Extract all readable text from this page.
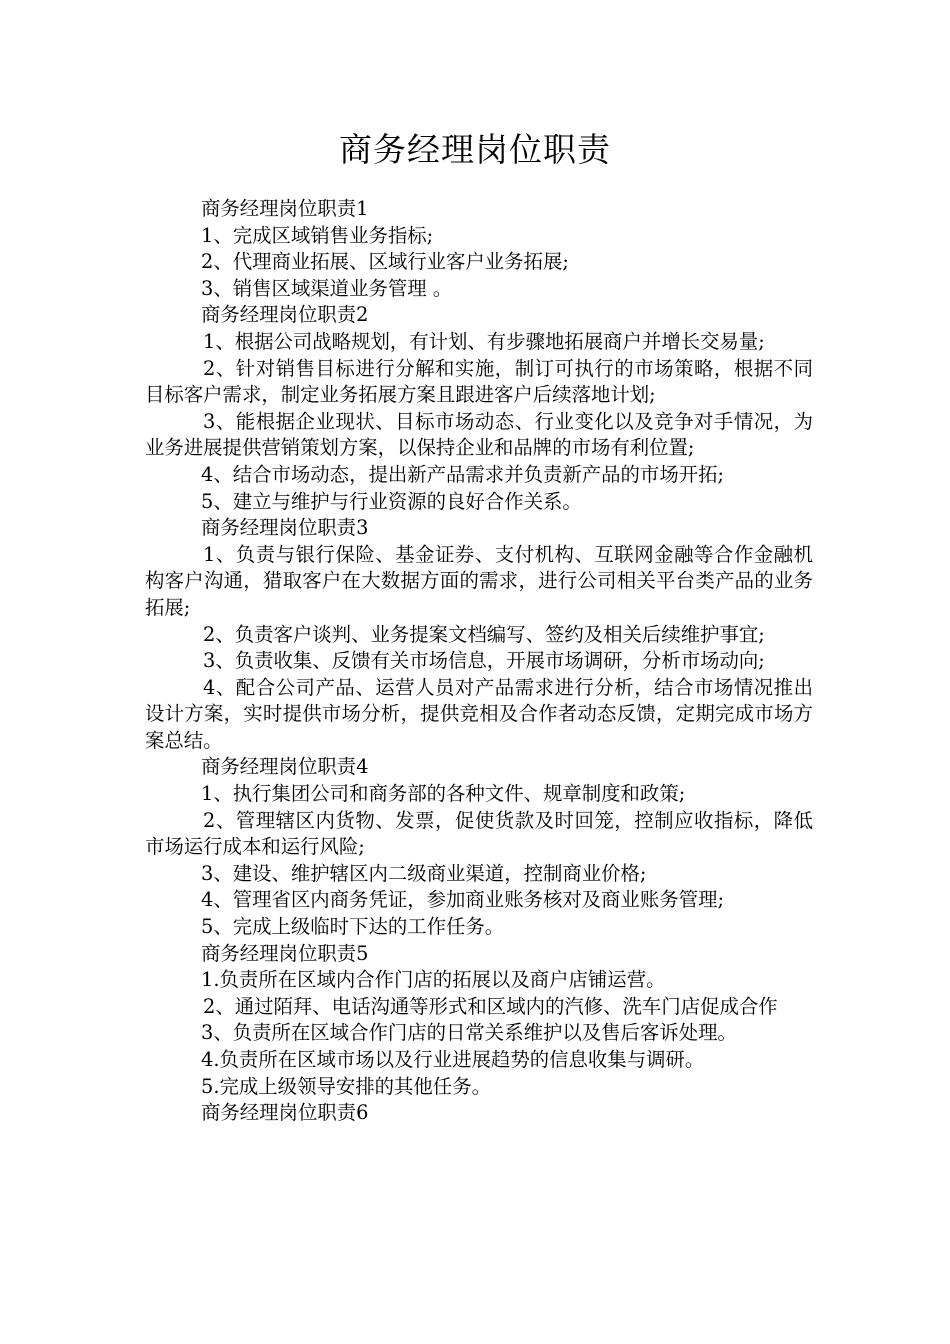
商务经理岗位职责

商务经理岗位职责1

1、完成区域销售业务指标;

2、代理商业拓展、区域行业客户业务拓展;

3、销售区域渠道业务管理 。

商务经理岗位职责2

1、根据公司战略规划，有计划、有步骤地拓展商户并增长交易量;

2、针对销售目标进行分解和实施，制订可执行的市场策略，根据不同目标客户需求，制定业务拓展方案且跟进客户后续落地计划;

3、能根据企业现状、目标市场动态、行业变化以及竞争对手情况，为业务进展提供营销策划方案，以保持企业和品牌的市场有利位置;

4、结合市场动态，提出新产品需求并负责新产品的市场开拓;

5、建立与维护与行业资源的良好合作关系。

商务经理岗位职责3

1、负责与银行保险、基金证券、支付机构、互联网金融等合作金融机构客户沟通，猎取客户在大数据方面的需求，进行公司相关平台类产品的业务拓展;

2、负责客户谈判、业务提案文档编写、签约及相关后续维护事宜;

3、负责收集、反馈有关市场信息，开展市场调研，分析市场动向;

4、配合公司产品、运营人员对产品需求进行分析，结合市场情况推出设计方案，实时提供市场分析，提供竞相及合作者动态反馈，定期完成市场方案总结。

商务经理岗位职责4

1、执行集团公司和商务部的各种文件、规章制度和政策;

2、管理辖区内货物、发票，促使货款及时回笼，控制应收指标，降低市场运行成本和运行风险;

3、建设、维护辖区内二级商业渠道，控制商业价格;

4、管理省区内商务凭证，参加商业账务核对及商业账务管理;

5、完成上级临时下达的工作任务。

商务经理岗位职责5

1.负责所在区域内合作门店的拓展以及商户店铺运营。

2、通过陌拜、电话沟通等形式和区域内的汽修、洗车门店促成合作

3、负责所在区域合作门店的日常关系维护以及售后客诉处理。

4.负责所在区域市场以及行业进展趋势的信息收集与调研。

5.完成上级领导安排的其他任务。

商务经理岗位职责6
